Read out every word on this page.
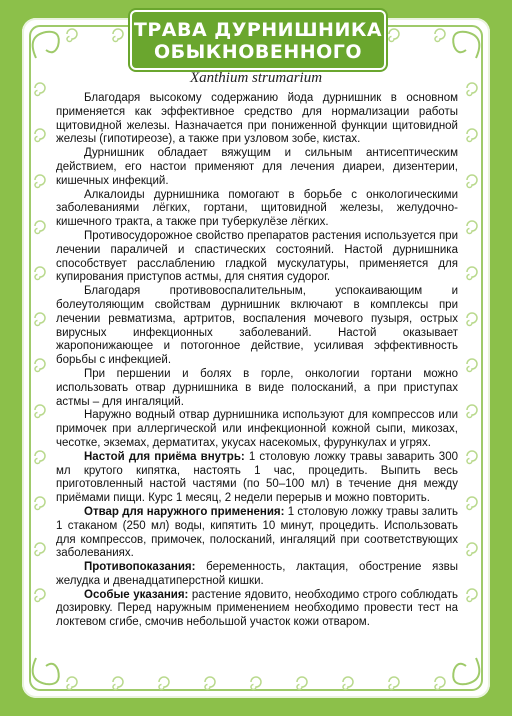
ТРАВА ДУРНИШНИКА
ОБЫКНОВЕННОГО
Xanthium strumarium

Благодаря высокому содержанию йода дурнишник в основном применяется как эффективное средство для нормализации работы щитовидной железы. Назначается при пониженной функции щитовидной железы (гипотиреозе), а также при узловом зобе, кистах.

Дурнишник обладает вяжущим и сильным антисептическим действием, его настои применяют для лечения диареи, дизентерии, кишечных инфекций.

Алкалоиды дурнишника помогают в борьбе с онкологическими заболеваниями лёгких, гортани, щитовидной железы, желудочно-кишечного тракта, а также при туберкулёзе лёгких.

Противосудорожное свойство препаратов растения используется при лечении параличей и спастических состояний. Настой дурнишника способствует расслаблению гладкой мускулатуры, применяется для купирования приступов астмы, для снятия судорог.

Благодаря противовоспалительным, успокаивающим и болеутоляющим свойствам дурнишник включают в комплексы при лечении ревматизма, артритов, воспаления мочевого пузыря, острых вирусных инфекционных заболеваний. Настой оказывает жаропонижающее и потогонное действие, усиливая эффективность борьбы с инфекцией.

При першении и болях в горле, онкологии гортани можно использовать отвар дурнишника в виде полосканий, а при приступах астмы – для ингаляций.

Наружно водный отвар дурнишника используют для компрессов или примочек при аллергической или инфекционной кожной сыпи, микозах, чесотке, экземах, дерматитах, укусах насекомых, фурункулах и угрях.

Настой для приёма внутрь: 1 столовую ложку травы заварить 300 мл крутого кипятка, настоять 1 час, процедить. Выпить весь приготовленный настой частями (по 50–100 мл) в течение дня между приёмами пищи. Курс 1 месяц, 2 недели перерыв и можно повторить.

Отвар для наружного применения: 1 столовую ложку травы залить 1 стаканом (250 мл) воды, кипятить 10 минут, процедить. Использовать для компрессов, примочек, полосканий, ингаляций при соответствующих заболеваниях.

Противопоказания: беременность, лактация, обострение язвы желудка и двенадцатиперстной кишки.

Особые указания: растение ядовито, необходимо строго соблюдать дозировку. Перед наружным применением необходимо провести тест на локтевом сгибе, смочив небольшой участок кожи отваром.
